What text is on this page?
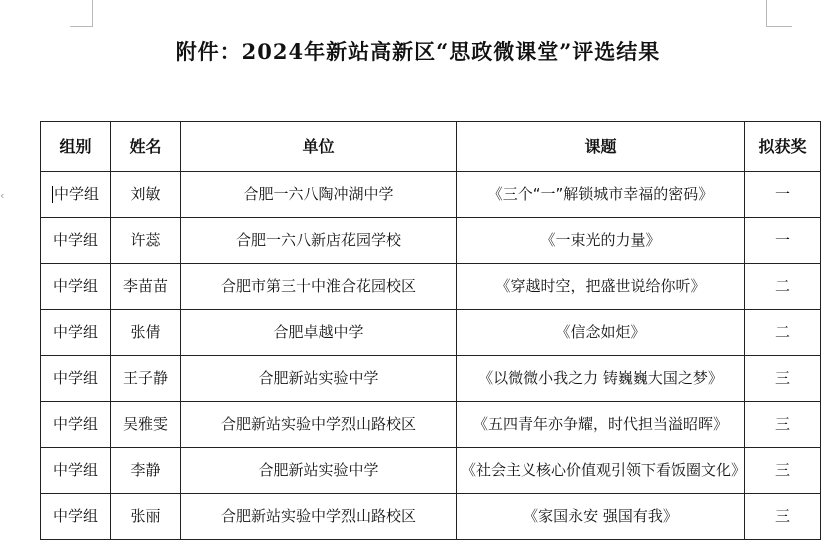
‹
附件：2024年新站高新区“思政微课堂”评选结果
组别	姓名	单位	课题	拟获奖
中学组	刘敏	合肥一六八陶冲湖中学	《三个“一”解锁城市幸福的密码》	一
中学组	许蕊	合肥一六八新店花园学校	《一束光的力量》	一
中学组	李苗苗	合肥市第三十中淮合花园校区	《穿越时空，把盛世说给你听》	二
中学组	张倩	合肥卓越中学	《信念如炬》	二
中学组	王子静	合肥新站实验中学	《以微微小我之力 铸巍巍大国之梦》	三
中学组	吴雅雯	合肥新站实验中学烈山路校区	《五四青年亦争耀，时代担当溢昭晖》	三
中学组	李静	合肥新站实验中学	《社会主义核心价值观引领下看饭圈文化》	三
中学组	张丽	合肥新站实验中学烈山路校区	《家国永安 强国有我》	三
